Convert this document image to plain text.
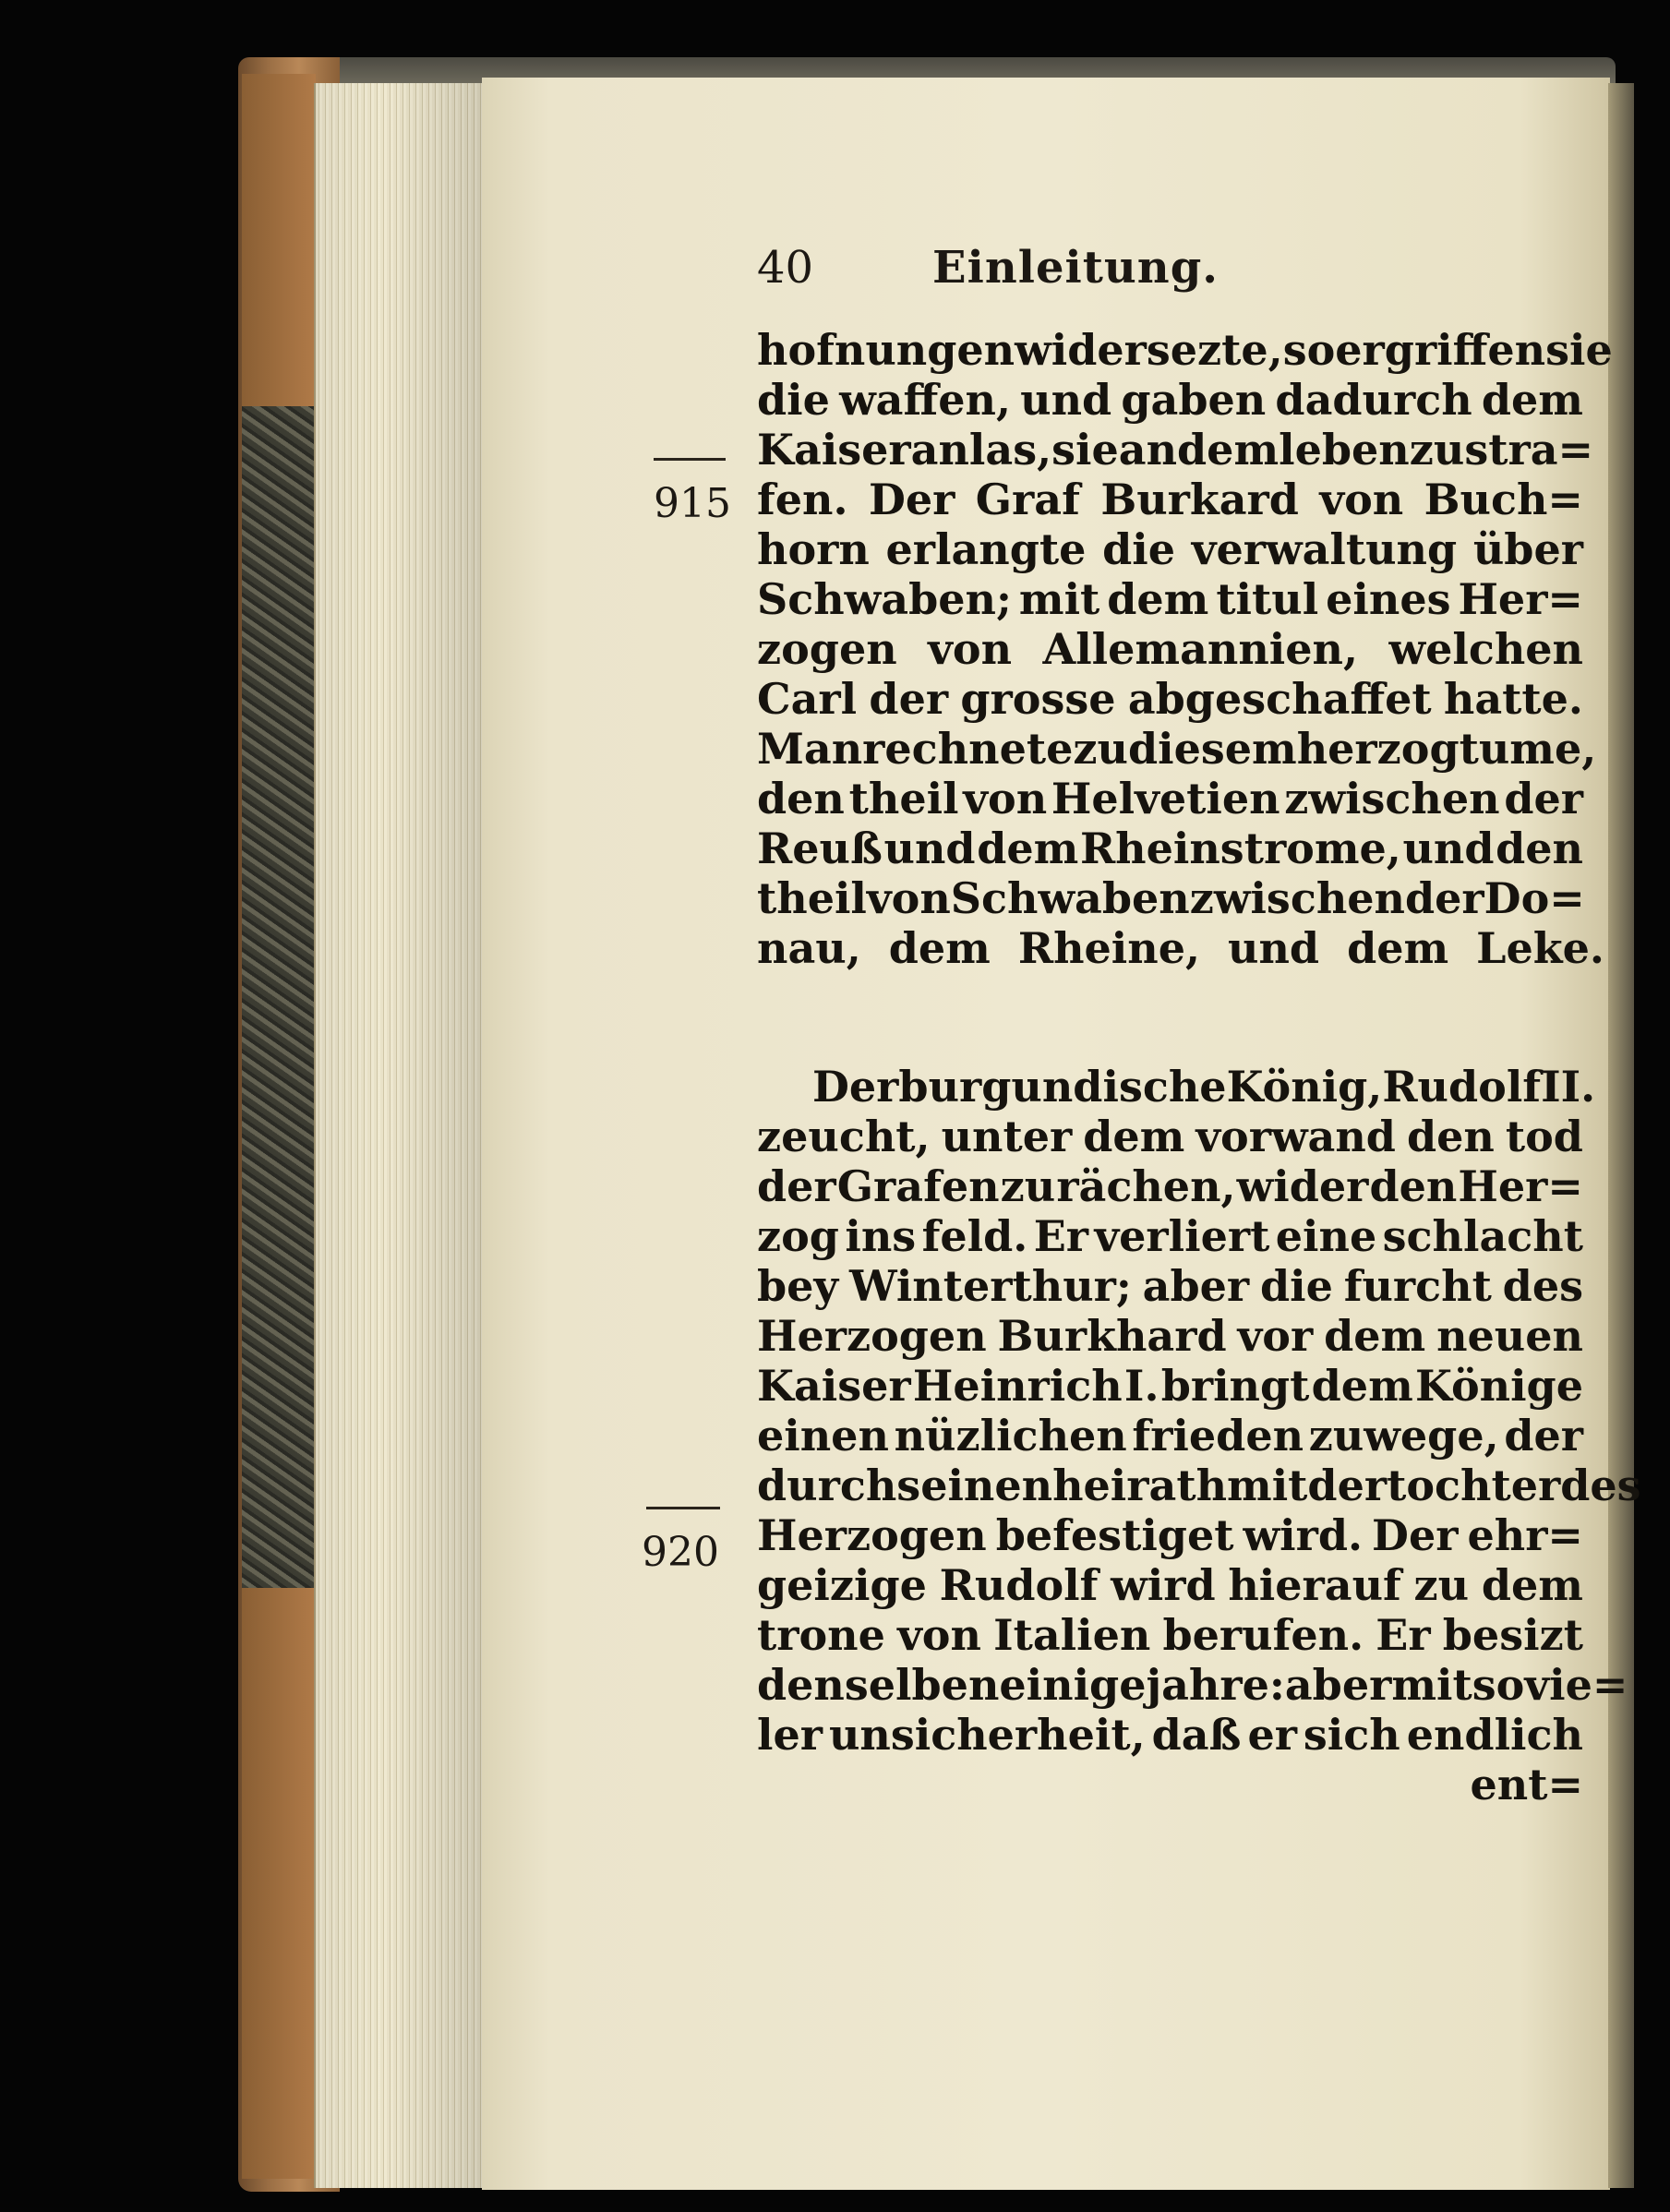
40	Einleitung.
915
920
hofnungen widersezte, so ergriffen sie
die waffen, und gaben dadurch dem
Kaiser anlas, sie an dem leben zu stra=
fen. Der Graf Burkard von Buch=
horn erlangte die verwaltung über
Schwaben; mit dem titul eines Her=
zogen von Allemannien, welchen
Carl der grosse abgeschaffet hatte.
Man rechnete zu diesem herzogtume,
den theil von Helvetien zwischen der
Reuß und dem Rheinstrome, und den
theil von Schwaben zwischen der Do=
nau, dem Rheine, und dem Leke.
Der burgundische König, Rudolf II.
zeucht, unter dem vorwand den tod
der Grafen zu rächen, wider den Her=
zog ins feld. Er verliert eine schlacht
bey Winterthur; aber die furcht des
Herzogen Burkhard vor dem neuen
Kaiser Heinrich I. bringt dem Könige
einen nüzlichen frieden zuwege, der
durch seinen heirath mit der tochter des
Herzogen befestiget wird. Der ehr=
geizige Rudolf wird hierauf zu dem
trone von Italien berufen. Er besizt
denselben einige jahre: aber mit so vie=
ler unsicherheit, daß er sich endlich
ent=
